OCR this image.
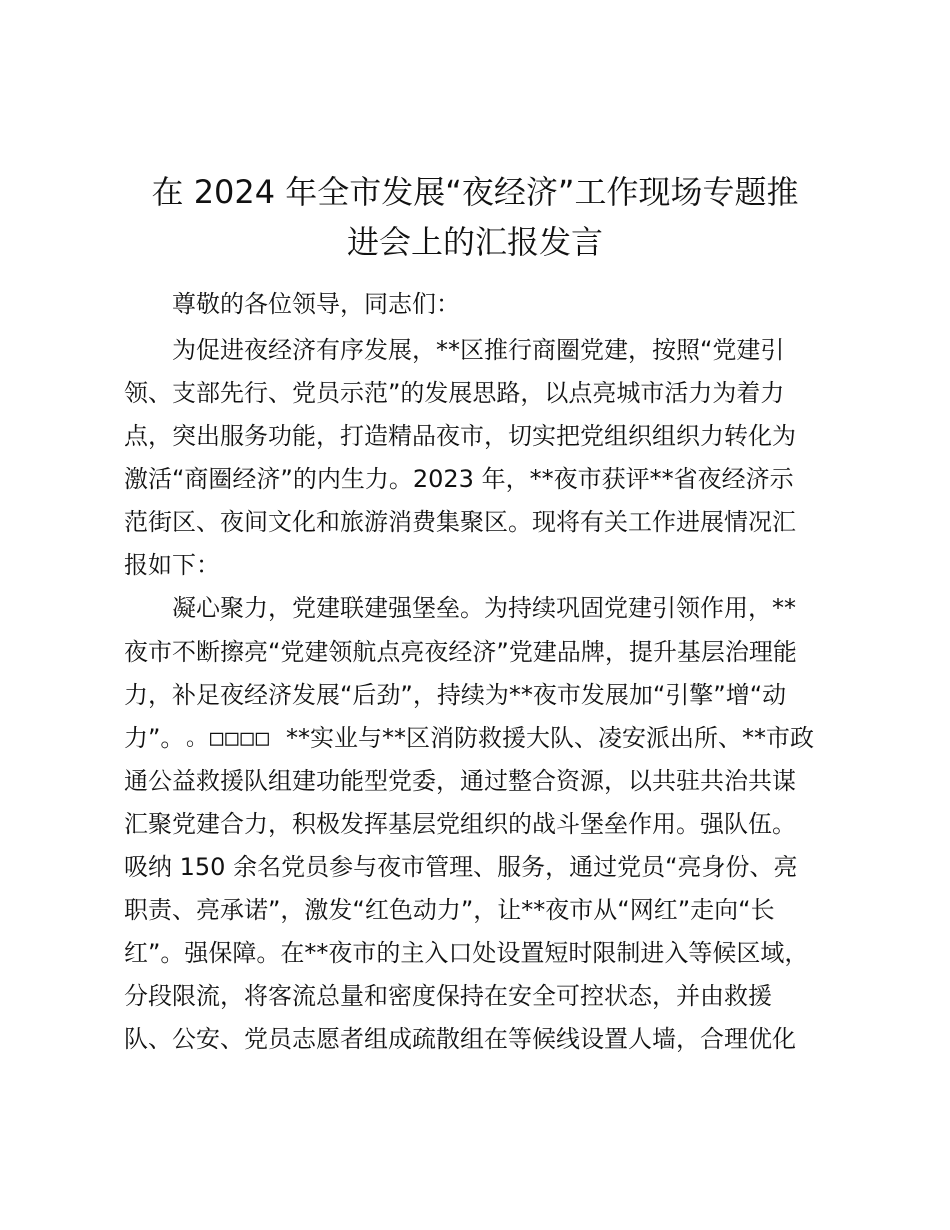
在 2024 年全市发展“夜经济”工作现场专题推
进会上的汇报发言
尊敬的各位领导，同志们：
为促进夜经济有序发展，**区推行商圈党建，按照“党建引
领、支部先行、党员示范”的发展思路，以点亮城市活力为着力
点，突出服务功能，打造精品夜市，切实把党组织组织力转化为
激活“商圈经济”的内生力。2023 年，**夜市获评**省夜经济示
范街区、夜间文化和旅游消费集聚区。现将有关工作进展情况汇
报如下：
凝心聚力，党建联建强堡垒。为持续巩固党建引领作用，**
夜市不断擦亮“党建领航点亮夜经济”党建品牌，提升基层治理能
力，补足夜经济发展“后劲”，持续为**夜市发展加“引擎”增“动
力”。 。□□□□ **实业与**区消防救援大队、凌安派出所、**市政
通公益救援队组建功能型党委，通过整合资源，以共驻共治共谋
汇聚党建合力，积极发挥基层党组织的战斗堡垒作用。强队伍。
吸纳 150 余名党员参与夜市管理、服务，通过党员“亮身份、亮
职责、亮承诺”，激发“红色动力”，让**夜市从“网红”走向“长
红”。强保障。在**夜市的主入口处设置短时限制进入等候区域，
分段限流，将客流总量和密度保持在安全可控状态，并由救援
队、公安、党员志愿者组成疏散组在等候线设置人墙，合理优化
